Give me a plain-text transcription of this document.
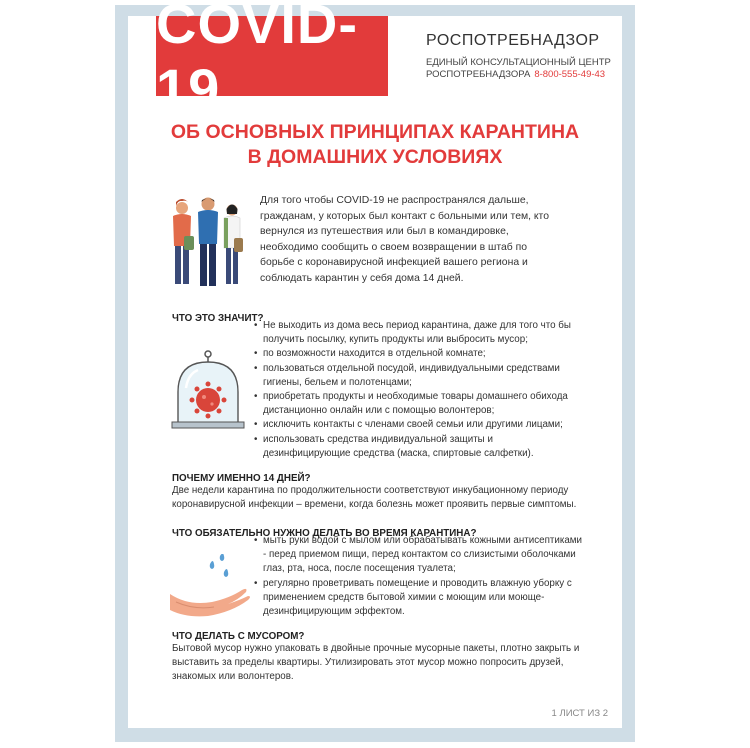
COVID-19
РОСПОТРЕБНАДЗОР
ЕДИНЫЙ КОНСУЛЬТАЦИОННЫЙ ЦЕНТР
РОСПОТРЕБНАДЗОРА 8-800-555-49-43
ОБ ОСНОВНЫХ ПРИНЦИПАХ КАРАНТИНА
В ДОМАШНИХ УСЛОВИЯХ
Для того чтобы COVID-19 не распространялся дальше, гражданам, у которых был контакт с больными или тем, кто вернулся из путешествия или был в командировке, необходимо сообщить о своем возвращении в штаб по борьбе с коронавирусной инфекцией вашего региона и соблюдать карантин у себя дома 14 дней.
ЧТО ЭТО ЗНАЧИТ?
• Не выходить из дома весь период карантина, даже для того что бы получить посылку, купить продукты или выбросить мусор;
• по возможности находится в отдельной комнате;
• пользоваться отдельной посудой, индивидуальными средствами гигиены, бельем и полотенцами;
• приобретать продукты и необходимые товары домашнего обихода дистанционно онлайн или с помощью волонтеров;
• исключить контакты с членами своей семьи или другими лицами;
• использовать средства индивидуальной защиты и дезинфицирующие средства (маска, спиртовые салфетки).
ПОЧЕМУ ИМЕННО 14 ДНЕЙ?
Две недели карантина по продолжительности соответствуют инкубационному периоду коронавирусной инфекции – времени, когда болезнь может проявить первые симптомы.
ЧТО ОБЯЗАТЕЛЬНО НУЖНО ДЕЛАТЬ ВО ВРЕМЯ КАРАНТИНА?
• мыть руки водой с мылом или обрабатывать кожными антисептиками - перед приемом пищи, перед контактом со слизистыми оболочками глаз, рта, носа, после посещения туалета;
• регулярно проветривать помещение и проводить влажную уборку с применением средств бытовой химии с моющим или моюще-дезинфицирующим эффектом.
ЧТО ДЕЛАТЬ С МУСОРОМ?
Бытовой мусор нужно упаковать в двойные прочные мусорные пакеты, плотно закрыть и выставить за пределы квартиры. Утилизировать этот мусор можно попросить друзей, знакомых или волонтеров.
1 ЛИСТ ИЗ 2
